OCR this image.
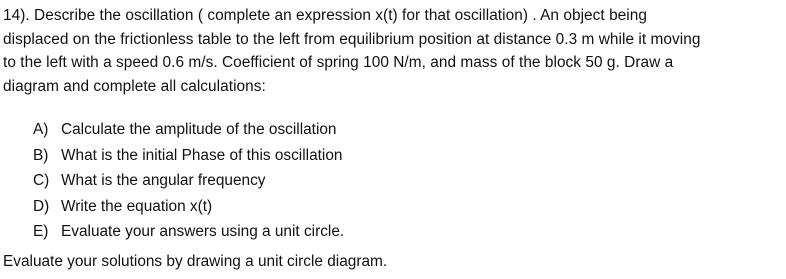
14). Describe the oscillation ( complete an expression x(t) for that oscillation) . An object being
displaced on the frictionless table to the left from equilibrium position at distance 0.3 m while it moving
to the left with a speed 0.6 m/s. Coefficient of spring 100 N/m, and mass of the block 50 g. Draw a
diagram and complete all calculations:
A) Calculate the amplitude of the oscillation
B) What is the initial Phase of this oscillation
C) What is the angular frequency
D) Write the equation x(t)
E) Evaluate your answers using a unit circle.
Evaluate your solutions by drawing a unit circle diagram.
